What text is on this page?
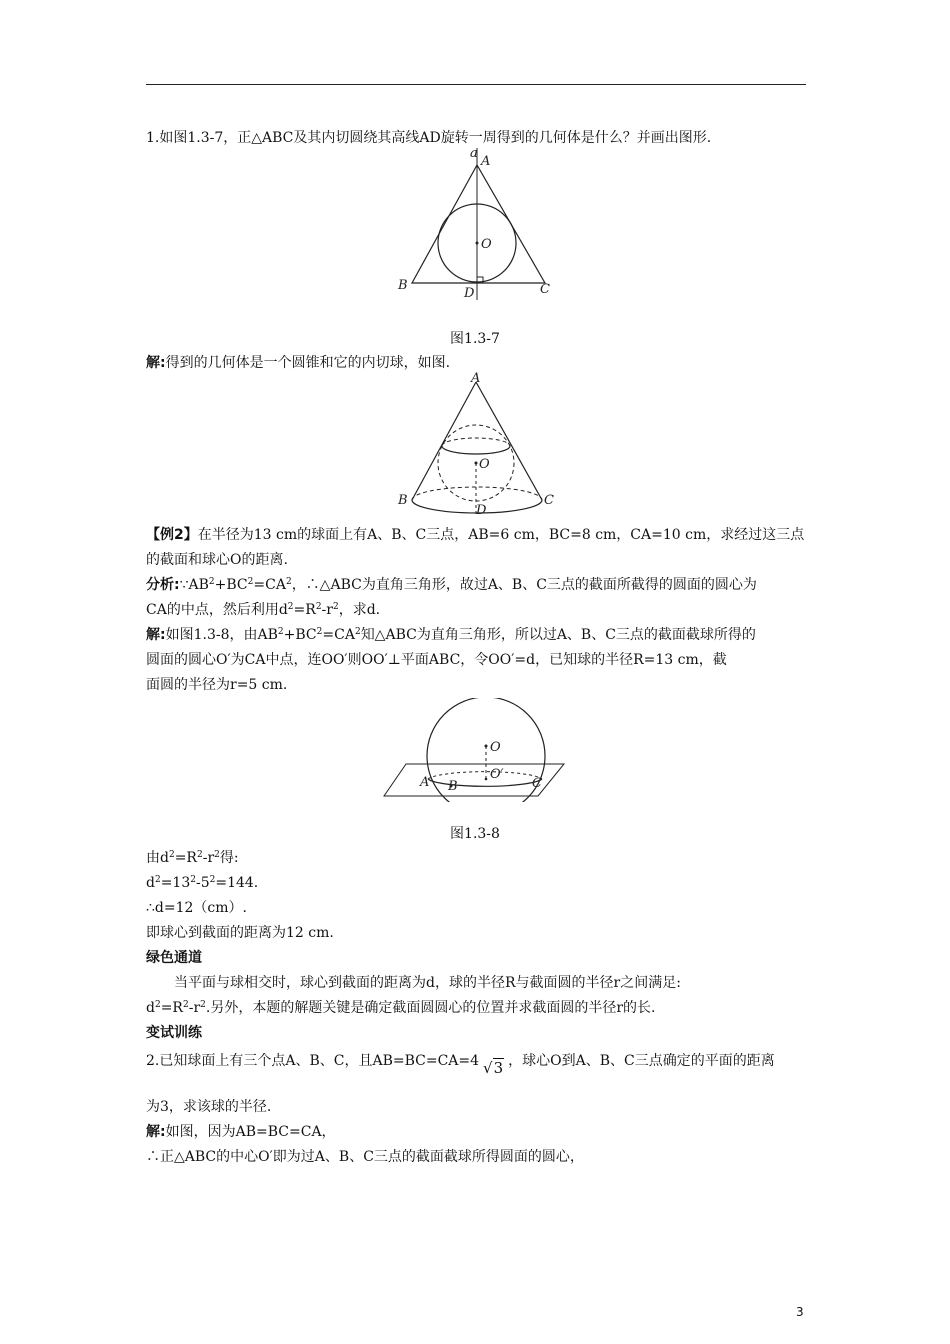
1.如图1.3-7，正△ABC及其内切圆绕其高线AD旋转一周得到的几何体是什么？并画出图形.
a
A
O
B
D	C
图1.3-7
解:得到的几何体是一个圆锥和它的内切球，如图.
A
O
B
D
C
【例2】在半径为13 cm的球面上有A、B、C三点，AB=6 cm，BC=8 cm，CA=10 cm，求经过这三点
的截面和球心O的距离.
分析$:\because AB^2+BC^2=CA^2$，∴△ABC为直角三角形，故过A、B、C三点的截面所截得的圆面的圆心为
CA的中点，然后利用$d^2=R^2-r^2$，求d.
解:如图1.3-8，由$AB^2+BC^2=CA^2$知△ABC为直角三角形，所以过A、B、C三点的截面截球所得的
圆面的圆心O′为CA中点，连OO′则OO′⊥平面ABC，令OO′=d，已知球的半径R=13 cm，截
面圆的半径为r=5 cm.
O
O′
A B	C
图1.3-8
由$d^2=R^2-r^2$得:
$d^2=13^2-5^2=144$.
∴d=12（cm）.
即球心到截面的距离为12 cm.
绿色通道
当平面与球相交时，球心到截面的距离为d，球的半径R与截面圆的半径r之间满足:
$d^2=R^2-r^2$.另外，本题的解题关键是确定截面圆圆心的位置并求截面圆的半径r的长.
变试训练
2.已知球面上有三个点A、B、C，且AB=BC=CA=4 √3 ，球心O到A、B、C三点确定的平面的距离
为3，求该球的半径.
解:如图，因为AB=BC=CA，
∴正△ABC的中心O′即为过A、B、C三点的截面截球所得圆面的圆心，
3
